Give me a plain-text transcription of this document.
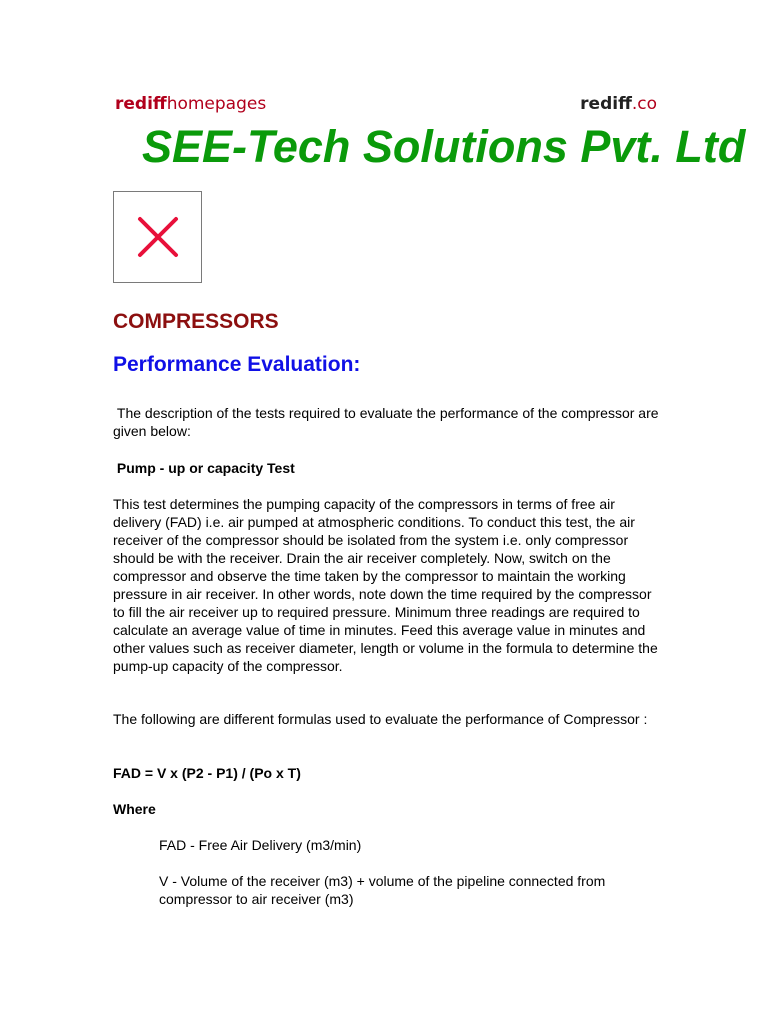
rediffhomepages	rediff.co
SEE-Tech Solutions Pvt. Ltd
COMPRESSORS
Performance Evaluation:

The description of the tests required to evaluate the performance of the compressor are given below:

Pump - up or capacity Test

This test determines the pumping capacity of the compressors in terms of free air delivery (FAD) i.e. air pumped at atmospheric conditions. To conduct this test, the air receiver of the compressor should be isolated from the system i.e. only compressor should be with the receiver. Drain the air receiver completely. Now, switch on the compressor and observe the time taken by the compressor to maintain the working pressure in air receiver. In other words, note down the time required by the compressor to fill the air receiver up to required pressure. Minimum three readings are required to calculate an average value of time in minutes. Feed this average value in minutes and other values such as receiver diameter, length or volume in the formula to determine the pump-up capacity of the compressor.

The following are different formulas used to evaluate the performance of Compressor :

FAD = V x (P2 - P1) / (Po x T)

Where

FAD - Free Air Delivery (m3/min)

V - Volume of the receiver (m3) + volume of the pipeline connected from compressor to air receiver (m3)
